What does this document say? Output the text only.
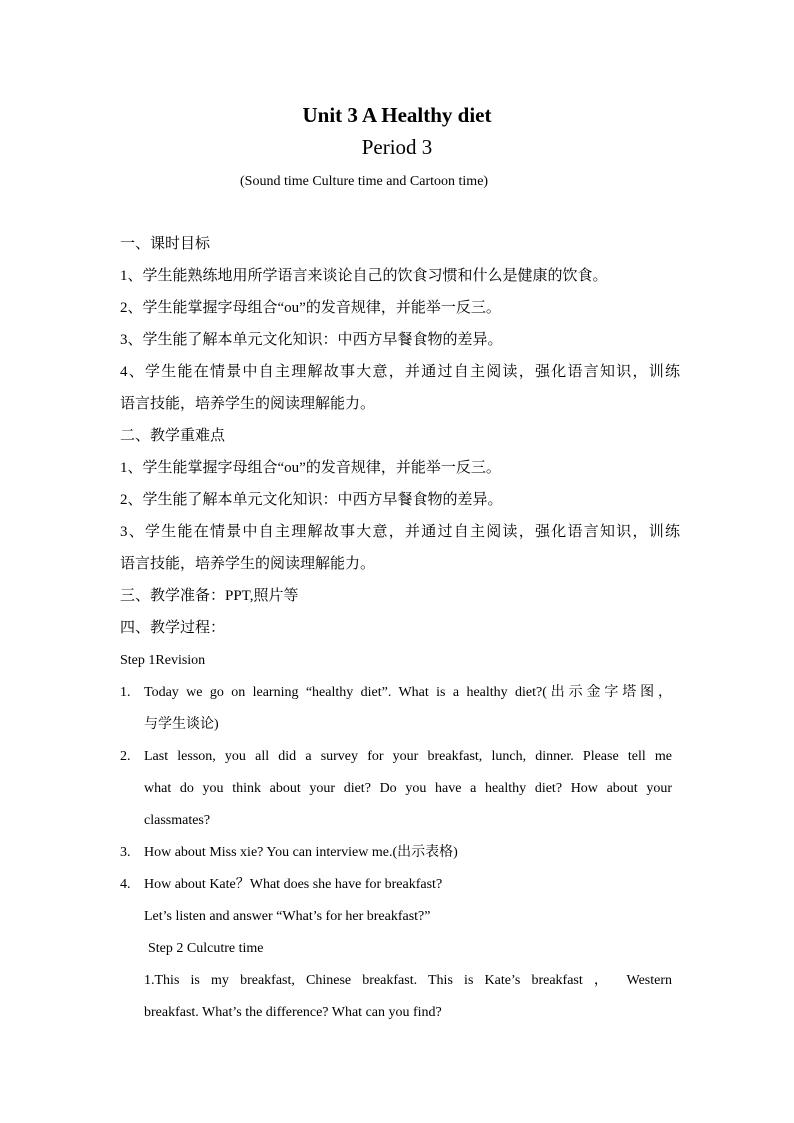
Unit 3 A Healthy diet
Period 3
(Sound time Culture time and Cartoon time)
一、课时目标
1、学生能熟练地用所学语言来谈论自己的饮食习惯和什么是健康的饮食。
2、学生能掌握字母组合“ou”的发音规律，并能举一反三。
3、学生能了解本单元文化知识：中西方早餐食物的差异。
4、学生能在情景中自主理解故事大意，并通过自主阅读，强化语言知识，训练
语言技能，培养学生的阅读理解能力。
二、教学重难点
1、学生能掌握字母组合“ou”的发音规律，并能举一反三。
2、学生能了解本单元文化知识：中西方早餐食物的差异。
3、学生能在情景中自主理解故事大意，并通过自主阅读，强化语言知识，训练
语言技能，培养学生的阅读理解能力。
三、教学准备：PPT,照片等
四、教学过程：
Step 1Revision
1. Today we go on learning “healthy diet”. What is a healthy diet?(出示金字塔图，
与学生谈论)
2. Last lesson, you all did a survey for your breakfast, lunch, dinner. Please tell me
what do you think about your diet? Do you have a healthy diet? How about your
classmates?
3. How about Miss xie? You can interview me.(出示表格)
4. How about Kate？What does she have for breakfast?
Let’s listen and answer “What’s for her breakfast?”
Step 2 Culcutre time
1.This is my breakfast, Chinese breakfast. This is Kate’s breakfast ， Western
breakfast. What’s the difference? What can you find?
